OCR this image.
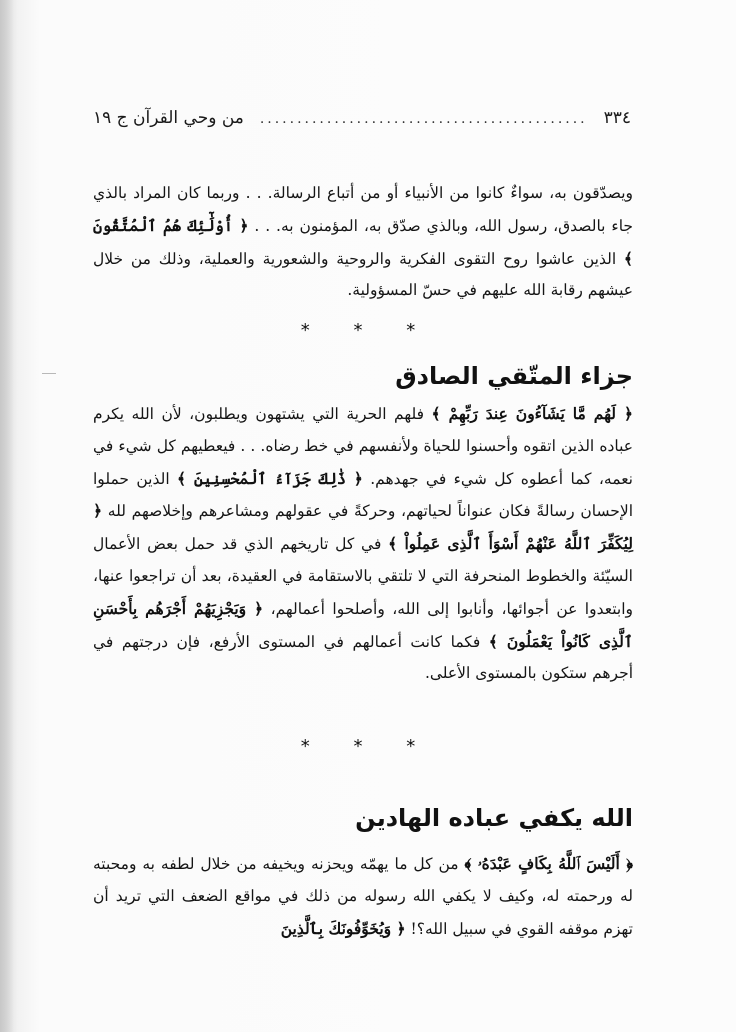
٣٣٤
............................................
من وحي القرآن ج ١٩

ويصدّقون به، سواءٌ كانوا من الأنبياء أو من أتباع الرسالة. . . وربما كان المراد بالذي جاء بالصدق، رسول الله، وبالذي صدّق به، المؤمنون به. . . ﴿ أُوْلَٰٓئِكَ هُمُ ٱلْمُتَّقُونَ ﴾ الذين عاشوا روح التقوى الفكرية والروحية والشعورية والعملية، وذلك من خلال عيشهم رقابة الله عليهم في حسّ المسؤولية.

* * *
جزاء المتّقي الصادق

﴿ لَهُم مَّا يَشَآءُونَ عِندَ رَبِّهِمْ ﴾ فلهم الحرية التي يشتهون ويطلبون، لأن الله يكرم عباده الذين اتقوه وأحسنوا للحياة ولأنفسهم في خط رضاه. . . فيعطيهم كل شيء في نعمه، كما أعطوه كل شيء في جهدهم. ﴿ ذَٰلِكَ جَزَآءُ ٱلْمُحْسِنِينَ ﴾ الذين حملوا الإحسان رسالةً فكان عنواناً لحياتهم، وحركةً في عقولهم ومشاعرهم وإخلاصهم لله ﴿ لِيُكَفِّرَ ٱللَّهُ عَنْهُمْ أَسْوَأَ ٱلَّذِى عَمِلُواْ ﴾ في كل تاريخهم الذي قد حمل بعض الأعمال السيّئة والخطوط المنحرفة التي لا تلتقي بالاستقامة في العقيدة، بعد أن تراجعوا عنها، وابتعدوا عن أجوائها، وأنابوا إلى الله، وأصلحوا أعمالهم، ﴿ وَيَجْزِيَهُمْ أَجْرَهُم بِأَحْسَنِ ٱلَّذِى كَانُواْ يَعْمَلُونَ ﴾ فكما كانت أعمالهم في المستوى الأرفع، فإن درجتهم في أجرهم ستكون بالمستوى الأعلى.

* * *
الله يكفي عباده الهادين

﴿ أَلَيْسَ ٱللَّهُ بِكَافٍ عَبْدَهُۥ ﴾ من كل ما يهمّه ويحزنه ويخيفه من خلال لطفه به ومحبته له ورحمته له، وكيف لا يكفي الله رسوله من ذلك في مواقع الضعف التي تريد أن تهزم موقفه القوي في سبيل الله؟! ﴿ وَيُخَوِّفُونَكَ بِٱلَّذِينَ
